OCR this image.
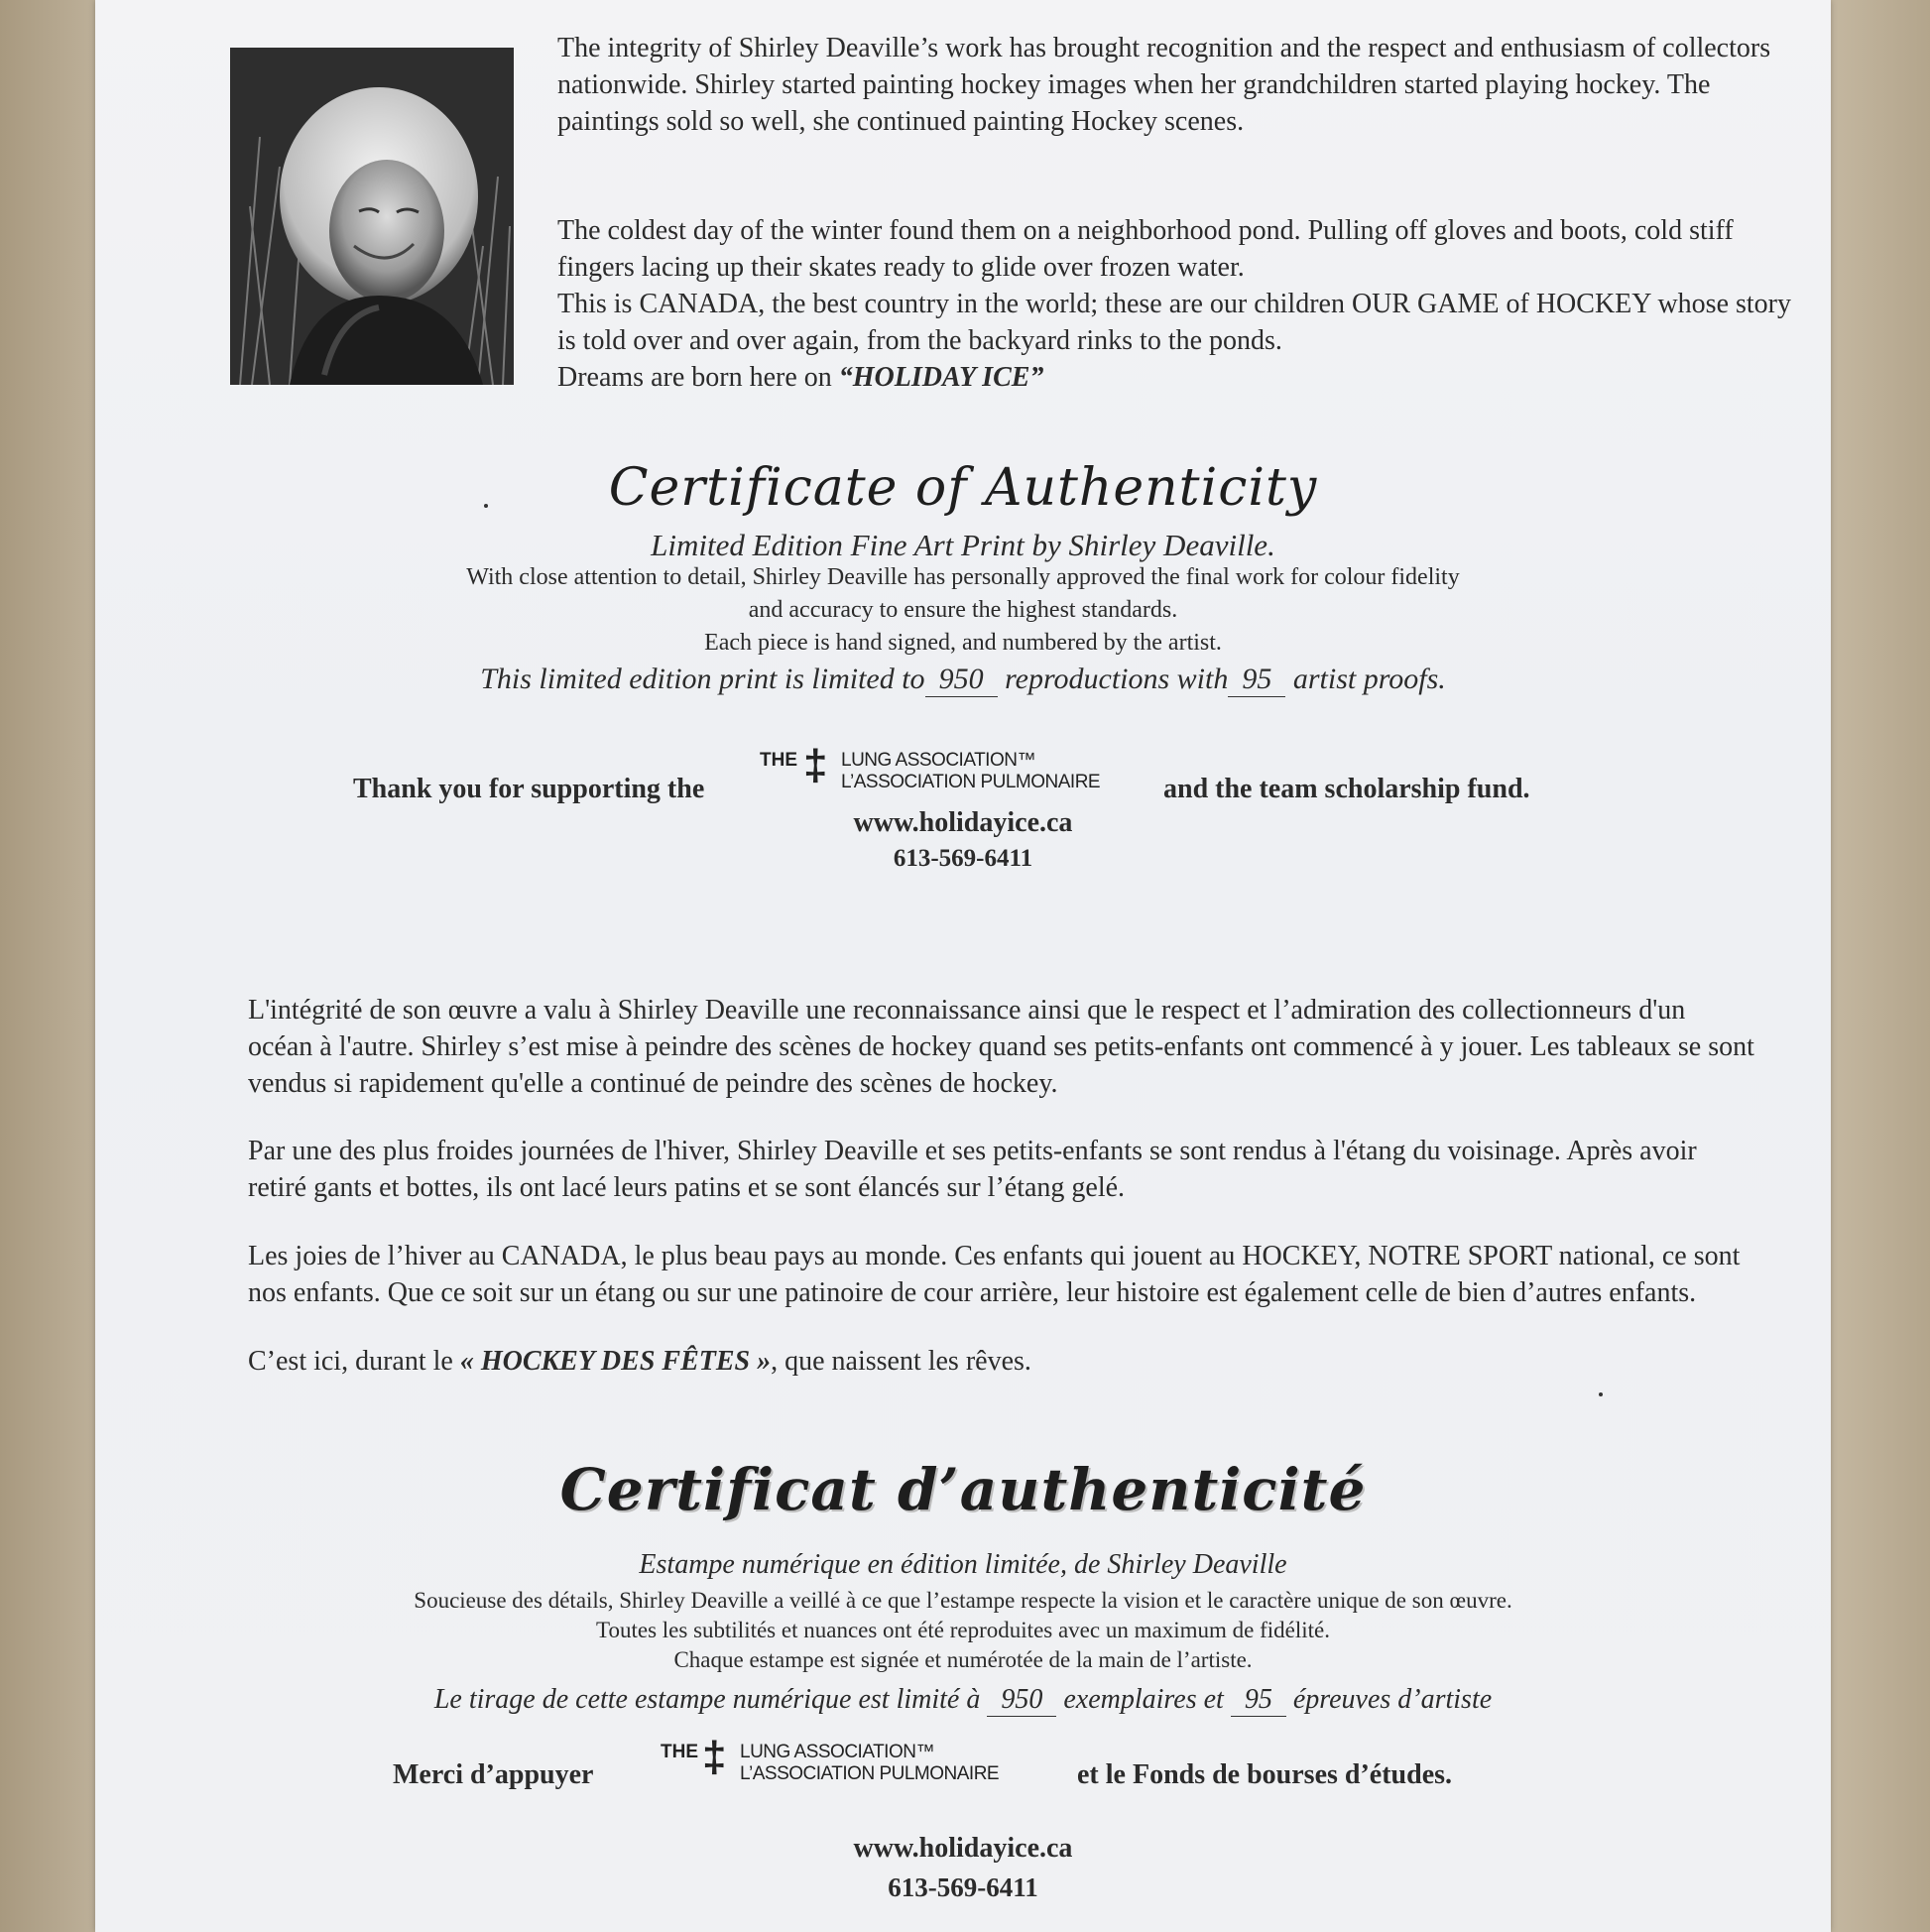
The integrity of Shirley Deaville’s work has brought recognition and the respect and enthusiasm of collectors nationwide. Shirley started painting hockey images when her grandchildren started playing hockey. The paintings sold so well, she continued painting Hockey scenes.

The coldest day of the winter found them on a neighborhood pond. Pulling off gloves and boots, cold stiff fingers lacing up their skates ready to glide over frozen water.
This is CANADA, the best country in the world; these are our children OUR GAME of HOCKEY whose story is told over and over again, from the backyard rinks to the ponds.
Dreams are born here on “HOLIDAY ICE”

Certificate of Authenticity

Limited Edition Fine Art Print by Shirley Deaville.

With close attention to detail, Shirley Deaville has personally approved the final work for colour fidelity
and accuracy to ensure the highest standards.
Each piece is hand signed, and numbered by the artist.

This limited edition print is limited to 950 reproductions with 95 artist proofs.

Thank you for supporting the	and the team scholarship fund.
THE ‡ LUNG ASSOCIATION™
L’ASSOCIATION PULMONAIRE

www.holidayice.ca

613-569-6411

L'intégrité de son œuvre a valu à Shirley Deaville une reconnaissance ainsi que le respect et l’admiration des collectionneurs d'un océan à l'autre. Shirley s’est mise à peindre des scènes de hockey quand ses petits-enfants ont commencé à y jouer. Les tableaux se sont vendus si rapidement qu'elle a continué de peindre des scènes de hockey.

Par une des plus froides journées de l'hiver, Shirley Deaville et ses petits-enfants se sont rendus à l'étang du voisinage. Après avoir retiré gants et bottes, ils ont lacé leurs patins et se sont élancés sur l’étang gelé.

Les joies de l’hiver au CANADA, le plus beau pays au monde. Ces enfants qui jouent au HOCKEY, NOTRE SPORT national, ce sont nos enfants. Que ce soit sur un étang ou sur une patinoire de cour arrière, leur histoire est également celle de bien d’autres enfants.

C’est ici, durant le « HOCKEY DES FÊTES », que naissent les rêves.

Certificat d’authenticité

Estampe numérique en édition limitée, de Shirley Deaville

Soucieuse des détails, Shirley Deaville a veillé à ce que l’estampe respecte la vision et le caractère unique de son œuvre.
Toutes les subtilités et nuances ont été reproduites avec un maximum de fidélité.
Chaque estampe est signée et numérotée de la main de l’artiste.

Le tirage de cette estampe numérique est limité à 950 exemplaires et 95 épreuves d’artiste

Merci d’appuyer	et le Fonds de bourses d’études.
THE ‡ LUNG ASSOCIATION™
L’ASSOCIATION PULMONAIRE

www.holidayice.ca

613-569-6411
